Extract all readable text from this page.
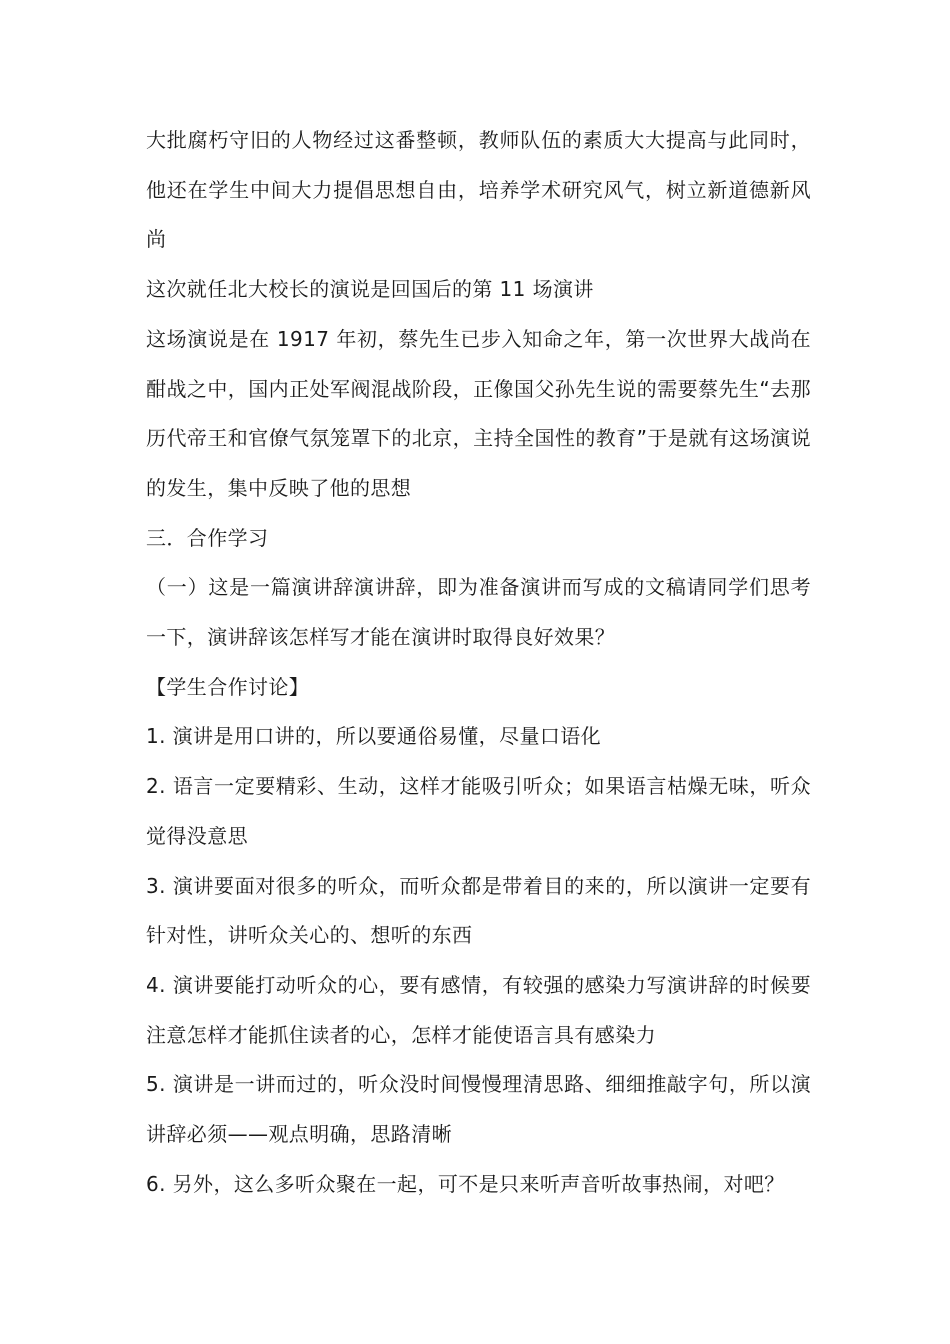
大批腐朽守旧的人物经过这番整顿，教师队伍的素质大大提高与此同时，他还在学生中间大力提倡思想自由，培养学术研究风气，树立新道德新风尚

这次就任北大校长的演说是回国后的第 11 场演讲

这场演说是在 1917 年初，蔡先生已步入知命之年，第一次世界大战尚在酣战之中，国内正处军阀混战阶段，正像国父孙先生说的需要蔡先生“去那历代帝王和官僚气氛笼罩下的北京，主持全国性的教育”于是就有这场演说的发生，集中反映了他的思想

三．合作学习

（一）这是一篇演讲辞演讲辞，即为准备演讲而写成的文稿请同学们思考一下，演讲辞该怎样写才能在演讲时取得良好效果？

【学生合作讨论】

1. 演讲是用口讲的，所以要通俗易懂，尽量口语化

2. 语言一定要精彩、生动，这样才能吸引听众；如果语言枯燥无味，听众觉得没意思

3. 演讲要面对很多的听众，而听众都是带着目的来的，所以演讲一定要有针对性，讲听众关心的、想听的东西

4. 演讲要能打动听众的心，要有感情，有较强的感染力写演讲辞的时候要注意怎样才能抓住读者的心，怎样才能使语言具有感染力

5. 演讲是一讲而过的，听众没时间慢慢理清思路、细细推敲字句，所以演讲辞必须——观点明确，思路清晰

6. 另外，这么多听众聚在一起，可不是只来听声音听故事热闹，对吧？
